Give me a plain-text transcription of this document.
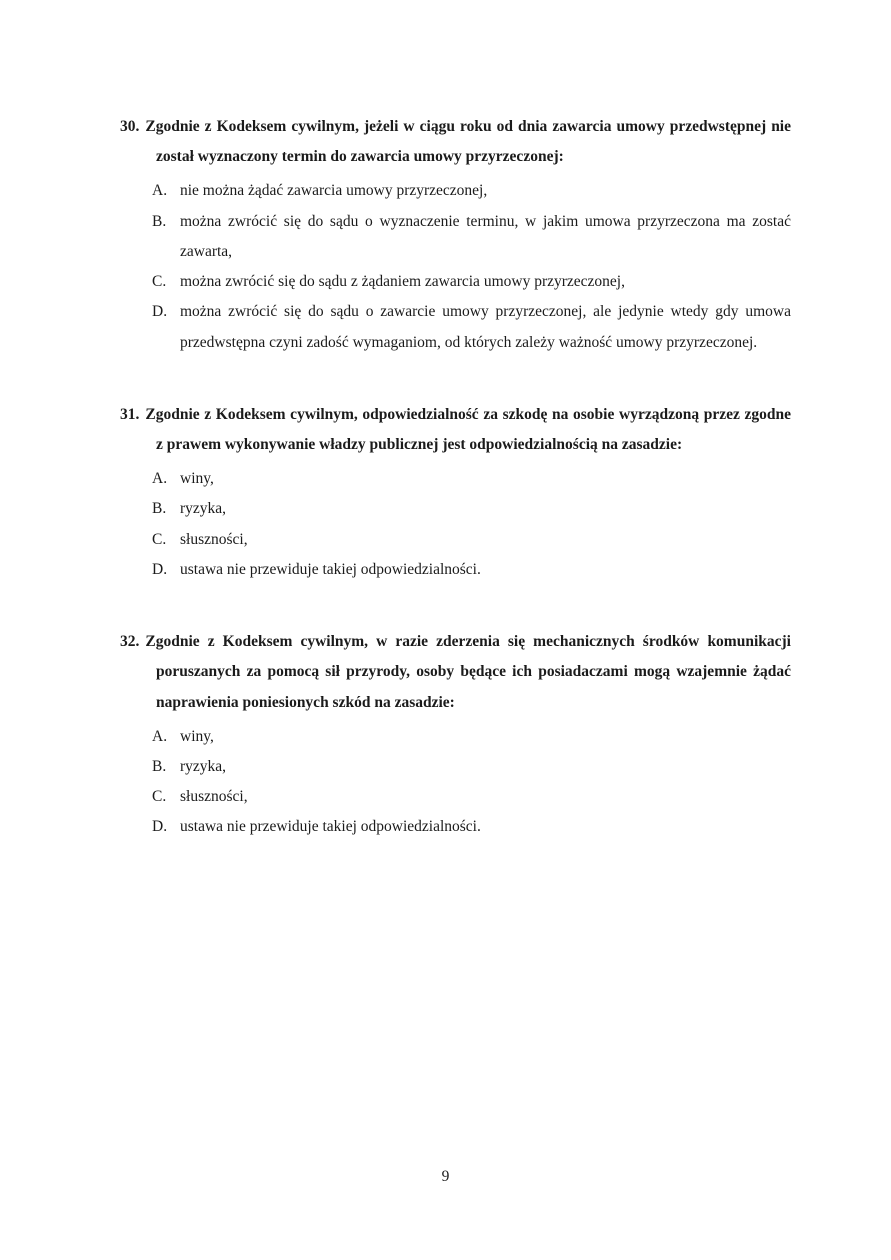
30. Zgodnie z Kodeksem cywilnym, jeżeli w ciągu roku od dnia zawarcia umowy przedwstępnej nie został wyznaczony termin do zawarcia umowy przyrzeczonej:

A. nie można żądać zawarcia umowy przyrzeczonej,

B. można zwrócić się do sądu o wyznaczenie terminu, w jakim umowa przyrzeczona ma zostać zawarta,

C. można zwrócić się do sądu z żądaniem zawarcia umowy przyrzeczonej,

D. można zwrócić się do sądu o zawarcie umowy przyrzeczonej, ale jedynie wtedy gdy umowa przedwstępna czyni zadość wymaganiom, od których zależy ważność umowy przyrzeczonej.

31. Zgodnie z Kodeksem cywilnym, odpowiedzialność za szkodę na osobie wyrządzoną przez zgodne z prawem wykonywanie władzy publicznej jest odpowiedzialnością na zasadzie:

A. winy,

B. ryzyka,

C. słuszności,

D. ustawa nie przewiduje takiej odpowiedzialności.

32. Zgodnie z Kodeksem cywilnym, w razie zderzenia się mechanicznych środków komunikacji poruszanych za pomocą sił przyrody, osoby będące ich posiadaczami mogą wzajemnie żądać naprawienia poniesionych szkód na zasadzie:

A. winy,

B. ryzyka,

C. słuszności,

D. ustawa nie przewiduje takiej odpowiedzialności.

9
